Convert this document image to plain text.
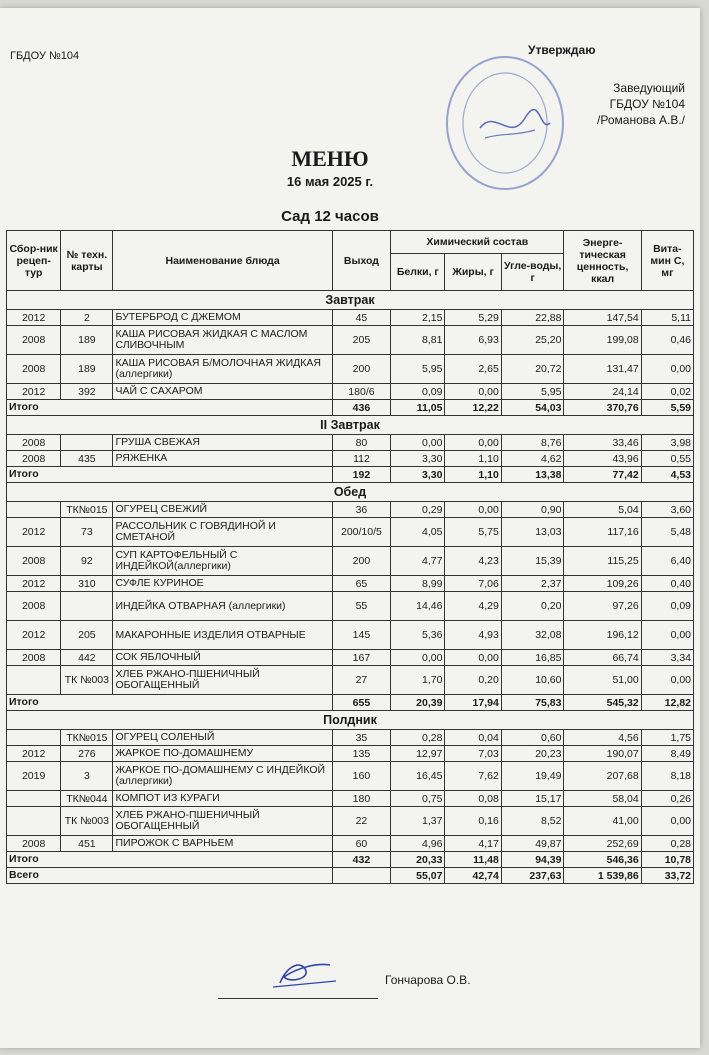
ГБДОУ №104	Утверждаю
Заведующий
ГБДОУ №104
/Романова А.В./
МЕНЮ
16 мая 2025 г.
Сад 12 часов
Сбор-ник рецеп-тур	№ техн. карты	Наименование блюда	Выход	Химический состав			Энерге-тическая ценность, ккал	Вита-мин С, мг
				Белки, г	Жиры, г	Угле-воды, г		
Завтрак								
2012	2	БУТЕРБРОД С ДЖЕМОМ	45	2,15	5,29	22,88	147,54	5,11
2008	189	КАША РИСОВАЯ ЖИДКАЯ С МАСЛОМ СЛИВОЧНЫМ	205	8,81	6,93	25,20	199,08	0,46
2008	189	КАША РИСОВАЯ Б/МОЛОЧНАЯ ЖИДКАЯ (аллергики)	200	5,95	2,65	20,72	131,47	0,00
2012	392	ЧАЙ С САХАРОМ	180/6	0,09	0,00	5,95	24,14	0,02
Итого			436	11,05	12,22	54,03	370,76	5,59
II Завтрак								
2008		ГРУША СВЕЖАЯ	80	0,00	0,00	8,76	33,46	3,98
2008	435	РЯЖЕНКА	112	3,30	1,10	4,62	43,96	0,55
Итого			192	3,30	1,10	13,38	77,42	4,53
Обед								
	ТК№015	ОГУРЕЦ СВЕЖИЙ	36	0,29	0,00	0,90	5,04	3,60
2012	73	РАССОЛЬНИК С ГОВЯДИНОЙ И СМЕТАНОЙ	200/10/5	4,05	5,75	13,03	117,16	5,48
2008	92	СУП КАРТОФЕЛЬНЫЙ С ИНДЕЙКОЙ(аллергики)	200	4,77	4,23	15,39	115,25	6,40
2012	310	СУФЛЕ КУРИНОЕ	65	8,99	7,06	2,37	109,26	0,40
2008		ИНДЕЙКА ОТВАРНАЯ (аллергики)	55	14,46	4,29	0,20	97,26	0,09
2012	205	МАКАРОННЫЕ ИЗДЕЛИЯ ОТВАРНЫЕ	145	5,36	4,93	32,08	196,12	0,00
2008	442	СОК ЯБЛОЧНЫЙ	167	0,00	0,00	16,85	66,74	3,34
	ТК №003	ХЛЕБ РЖАНО-ПШЕНИЧНЫЙ ОБОГАЩЕННЫЙ	27	1,70	0,20	10,60	51,00	0,00
Итого			655	20,39	17,94	75,83	545,32	12,82
Полдник								
	ТК№015	ОГУРЕЦ СОЛЕНЫЙ	35	0,28	0,04	0,60	4,56	1,75
2012	276	ЖАРКОЕ ПО-ДОМАШНЕМУ	135	12,97	7,03	20,23	190,07	8,49
2019	3	ЖАРКОЕ ПО-ДОМАШНЕМУ С ИНДЕЙКОЙ (аллергики)	160	16,45	7,62	19,49	207,68	8,18
	ТК№044	КОМПОТ ИЗ КУРАГИ	180	0,75	0,08	15,17	58,04	0,26
	ТК №003	ХЛЕБ РЖАНО-ПШЕНИЧНЫЙ ОБОГАЩЕННЫЙ	22	1,37	0,16	8,52	41,00	0,00
2008	451	ПИРОЖОК С ВАРНЬЕМ	60	4,96	4,17	49,87	252,69	0,28
Итого			432	20,33	11,48	94,39	546,36	10,78
Всего				55,07	42,74	237,63	1 539,86	33,72
Гончарова О.В.
